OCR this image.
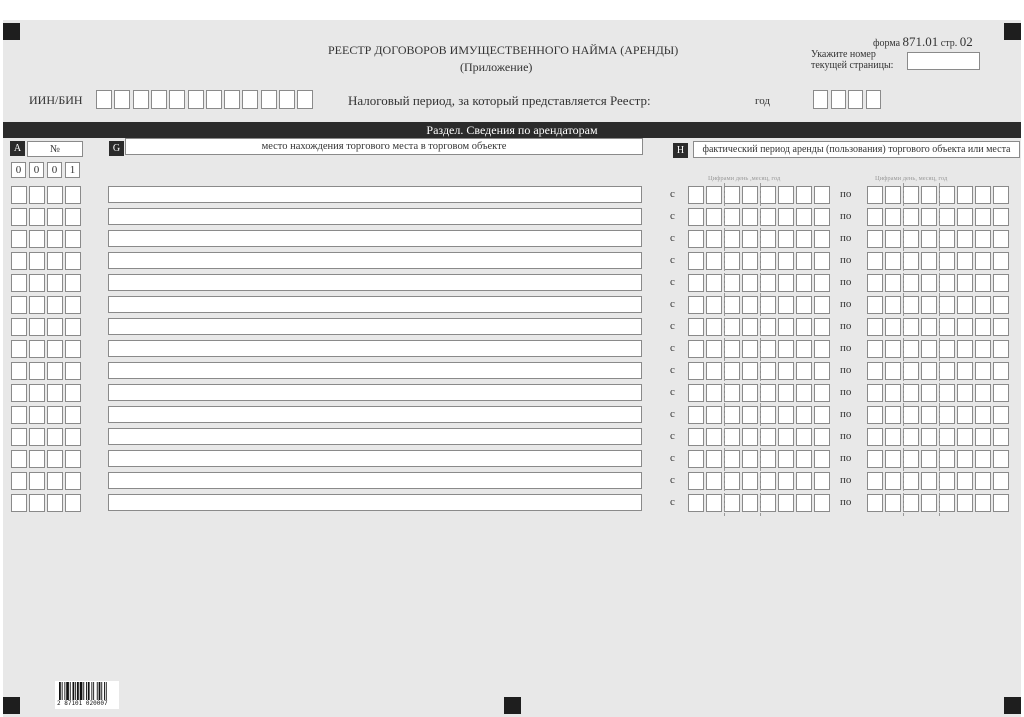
форма 871.01 стр. 02
Укажите номер
текущей страницы:
РЕЕСТР ДОГОВОРОВ ИМУЩЕСТВЕННОГО НАЙМА (АРЕНДЫ)
(Приложение)
ИИН/БИН	Налоговый период, за который представляется Реестр:	год
Раздел. Сведения по арендаторам
A	№	G	место нахождения торгового места в торговом объекте	H	фактический период аренды (пользования) торгового объекта или места
0	0	0	1
Цифрами день ,месяц, год	Цифрами день, месяц, год
с	по
с	по
с	по
с	по
с	по
с	по
с	по
с	по
с	по
с	по
с	по
с	по
с	по
с	по
с	по
2 87101 020007
